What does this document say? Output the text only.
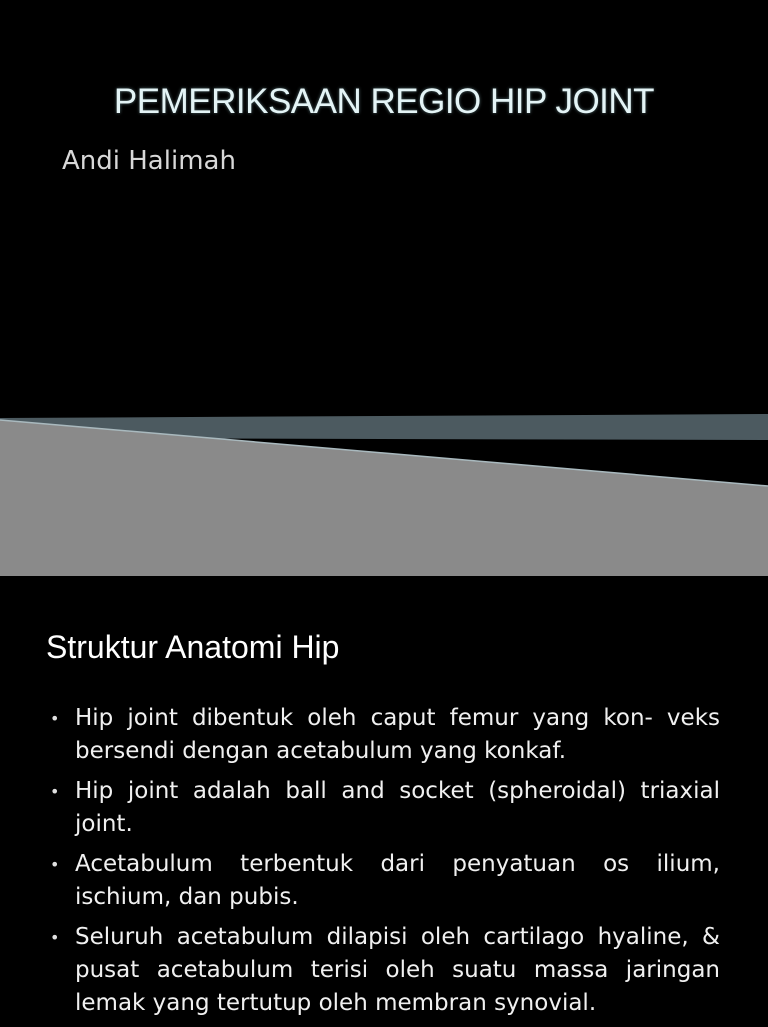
PEMERIKSAAN REGIO HIP JOINT
Andi Halimah
Struktur Anatomi Hip
• Hip joint dibentuk oleh caput femur yang kon- veks bersendi dengan acetabulum yang konkaf.
• Hip joint adalah ball and socket (spheroidal) triaxial joint.
• Acetabulum terbentuk dari penyatuan os ilium, ischium, dan pubis.
• Seluruh acetabulum dilapisi oleh cartilago hyaline, & pusat acetabulum terisi oleh suatu massa jaringan lemak yang tertutup oleh membran synovial.
